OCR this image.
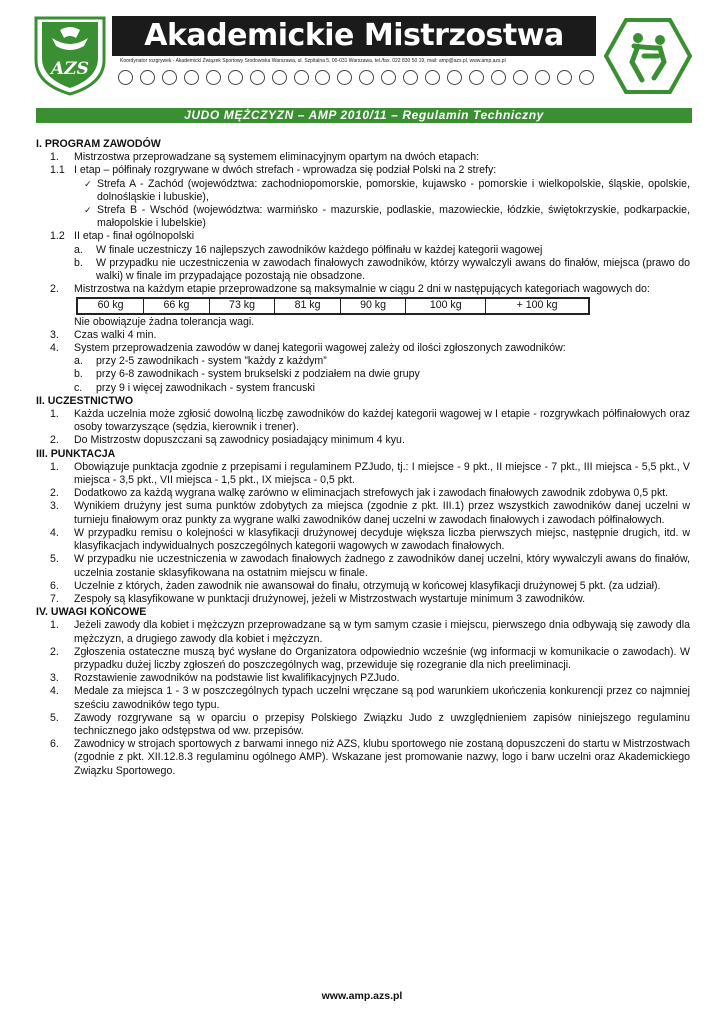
AZS
Akademickie Mistrzostwa Polski
Koordynator rozgrywek - Akademicki Związek Sportowy Środowiska Warszawa, ul. Szpitalna 5, 00-031 Warszawa, tel./fax. 022 830 50 19, mail: amp@azs.pl, www.amp.azs.pl
JUDO MĘŻCZYZN – AMP 2010/11 – Regulamin Techniczny

I. PROGRAM ZAWODÓW

1.	Mistrzostwa przeprowadzane są systemem eliminacyjnym opartym na dwóch etapach:
1.1 I etap – półfinały rozgrywane w dwóch strefach - wprowadza się podział Polski na 2 strefy:
✓ Strefa A - Zachód (województwa: zachodniopomorskie, pomorskie, kujawsko - pomorskie i wielkopolskie, śląskie, opolskie, dolnośląskie i lubuskie),
✓ Strefa B - Wschód (województwa: warmińsko - mazurskie, podlaskie, mazowieckie, łódzkie, świętokrzyskie, podkarpackie, małopolskie i lubelskie)
1.2 II etap - finał ogólnopolski
a.	W finale uczestniczy 16 najlepszych zawodników każdego półfinału w każdej kategorii wagowej
b.	W przypadku nie uczestniczenia w zawodach finałowych zawodników, którzy wywalczyli awans do finałów, miejsca (prawo do walki) w finale im przypadające pozostają nie obsadzone.
2.	Mistrzostwa na każdym etapie przeprowadzone są maksymalnie w ciągu 2 dni w następujących kategoriach wagowych do:
60 kg	66 kg	73 kg	81 kg	90 kg	100 kg	+ 100 kg
Nie obowiązuje żadna tolerancja wagi.
3.	Czas walki 4 min.
4.	System przeprowadzenia zawodów w danej kategorii wagowej zależy od ilości zgłoszonych zawodników:
a.	przy 2-5 zawodnikach - system ”każdy z każdym”
b.	przy 6-8 zawodnikach - system brukselski z podziałem na dwie grupy
c.	przy 9 i więcej zawodnikach - system francuski

II. UCZESTNICTWO

1.	Każda uczelnia może zgłosić dowolną liczbę zawodników do każdej kategorii wagowej w I etapie - rozgrywkach półfinałowych oraz osoby towarzyszące (sędzia, kierownik i trener).
2.	Do Mistrzostw dopuszczani są zawodnicy posiadający minimum 4 kyu.

III. PUNKTACJA

1.	Obowiązuje punktacja zgodnie z przepisami i regulaminem PZJudo, tj.: I miejsce - 9 pkt., II miejsce - 7 pkt., III miejsca - 5,5 pkt., V miejsca - 3,5 pkt., VII miejsca - 1,5 pkt., IX miejsca - 0,5 pkt.
2.	Dodatkowo za każdą wygrana walkę zarówno w eliminacjach strefowych jak i zawodach finałowych zawodnik zdobywa 0,5 pkt.
3.	Wynikiem drużyny jest suma punktów zdobytych za miejsca (zgodnie z pkt. III.1) przez wszystkich zawodników danej uczelni w turnieju finałowym oraz punkty za wygrane walki zawodników danej uczelni w zawodach finałowych i zawodach półfinałowych.
4.	W przypadku remisu o kolejności w klasyfikacji drużynowej decyduje większa liczba pierwszych miejsc, następnie drugich, itd. w klasyfikacjach indywidualnych poszczególnych kategorii wagowych w zawodach finałowych.
5.	W przypadku nie uczestniczenia w zawodach finałowych żadnego z zawodników danej uczelni, który wywalczyli awans do finałów, uczelnia zostanie sklasyfikowana na ostatnim miejscu w finale.
6.	Uczelnie z których, żaden zawodnik nie awansował do finału, otrzymują w końcowej klasyfikacji drużynowej 5 pkt. (za udział).
7.	Zespoły są klasyfikowane w punktacji drużynowej, jeżeli w Mistrzostwach wystartuje minimum 3 zawodników.

IV. UWAGI KOŃCOWE

1.	Jeżeli zawody dla kobiet i mężczyzn przeprowadzane są w tym samym czasie i miejscu, pierwszego dnia odbywają się zawody dla mężczyzn, a drugiego zawody dla kobiet i mężczyzn.
2.	Zgłoszenia ostateczne muszą być wysłane do Organizatora odpowiednio wcześnie (wg informacji w komunikacie o zawodach). W przypadku dużej liczby zgłoszeń do poszczególnych wag, przewiduje się rozegranie dla nich preeliminacji.
3.	Rozstawienie zawodników na podstawie list kwalifikacyjnych PZJudo.
4.	Medale za miejsca 1 - 3 w poszczególnych typach uczelni wręczane są pod warunkiem ukończenia konkurencji przez co najmniej sześciu zawodników tego typu.
5.	Zawody rozgrywane są w oparciu o przepisy Polskiego Związku Judo z uwzględnieniem zapisów niniejszego regulaminu technicznego jako odstępstwa od ww. przepisów.
6.	Zawodnicy w strojach sportowych z barwami innego niż AZS, klubu sportowego nie zostaną dopuszczeni do startu w Mistrzostwach (zgodnie z pkt. XII.12.8.3 regulaminu ogólnego AMP). Wskazane jest promowanie nazwy, logo i barw uczelni oraz Akademickiego Związku Sportowego.
www.amp.azs.pl
